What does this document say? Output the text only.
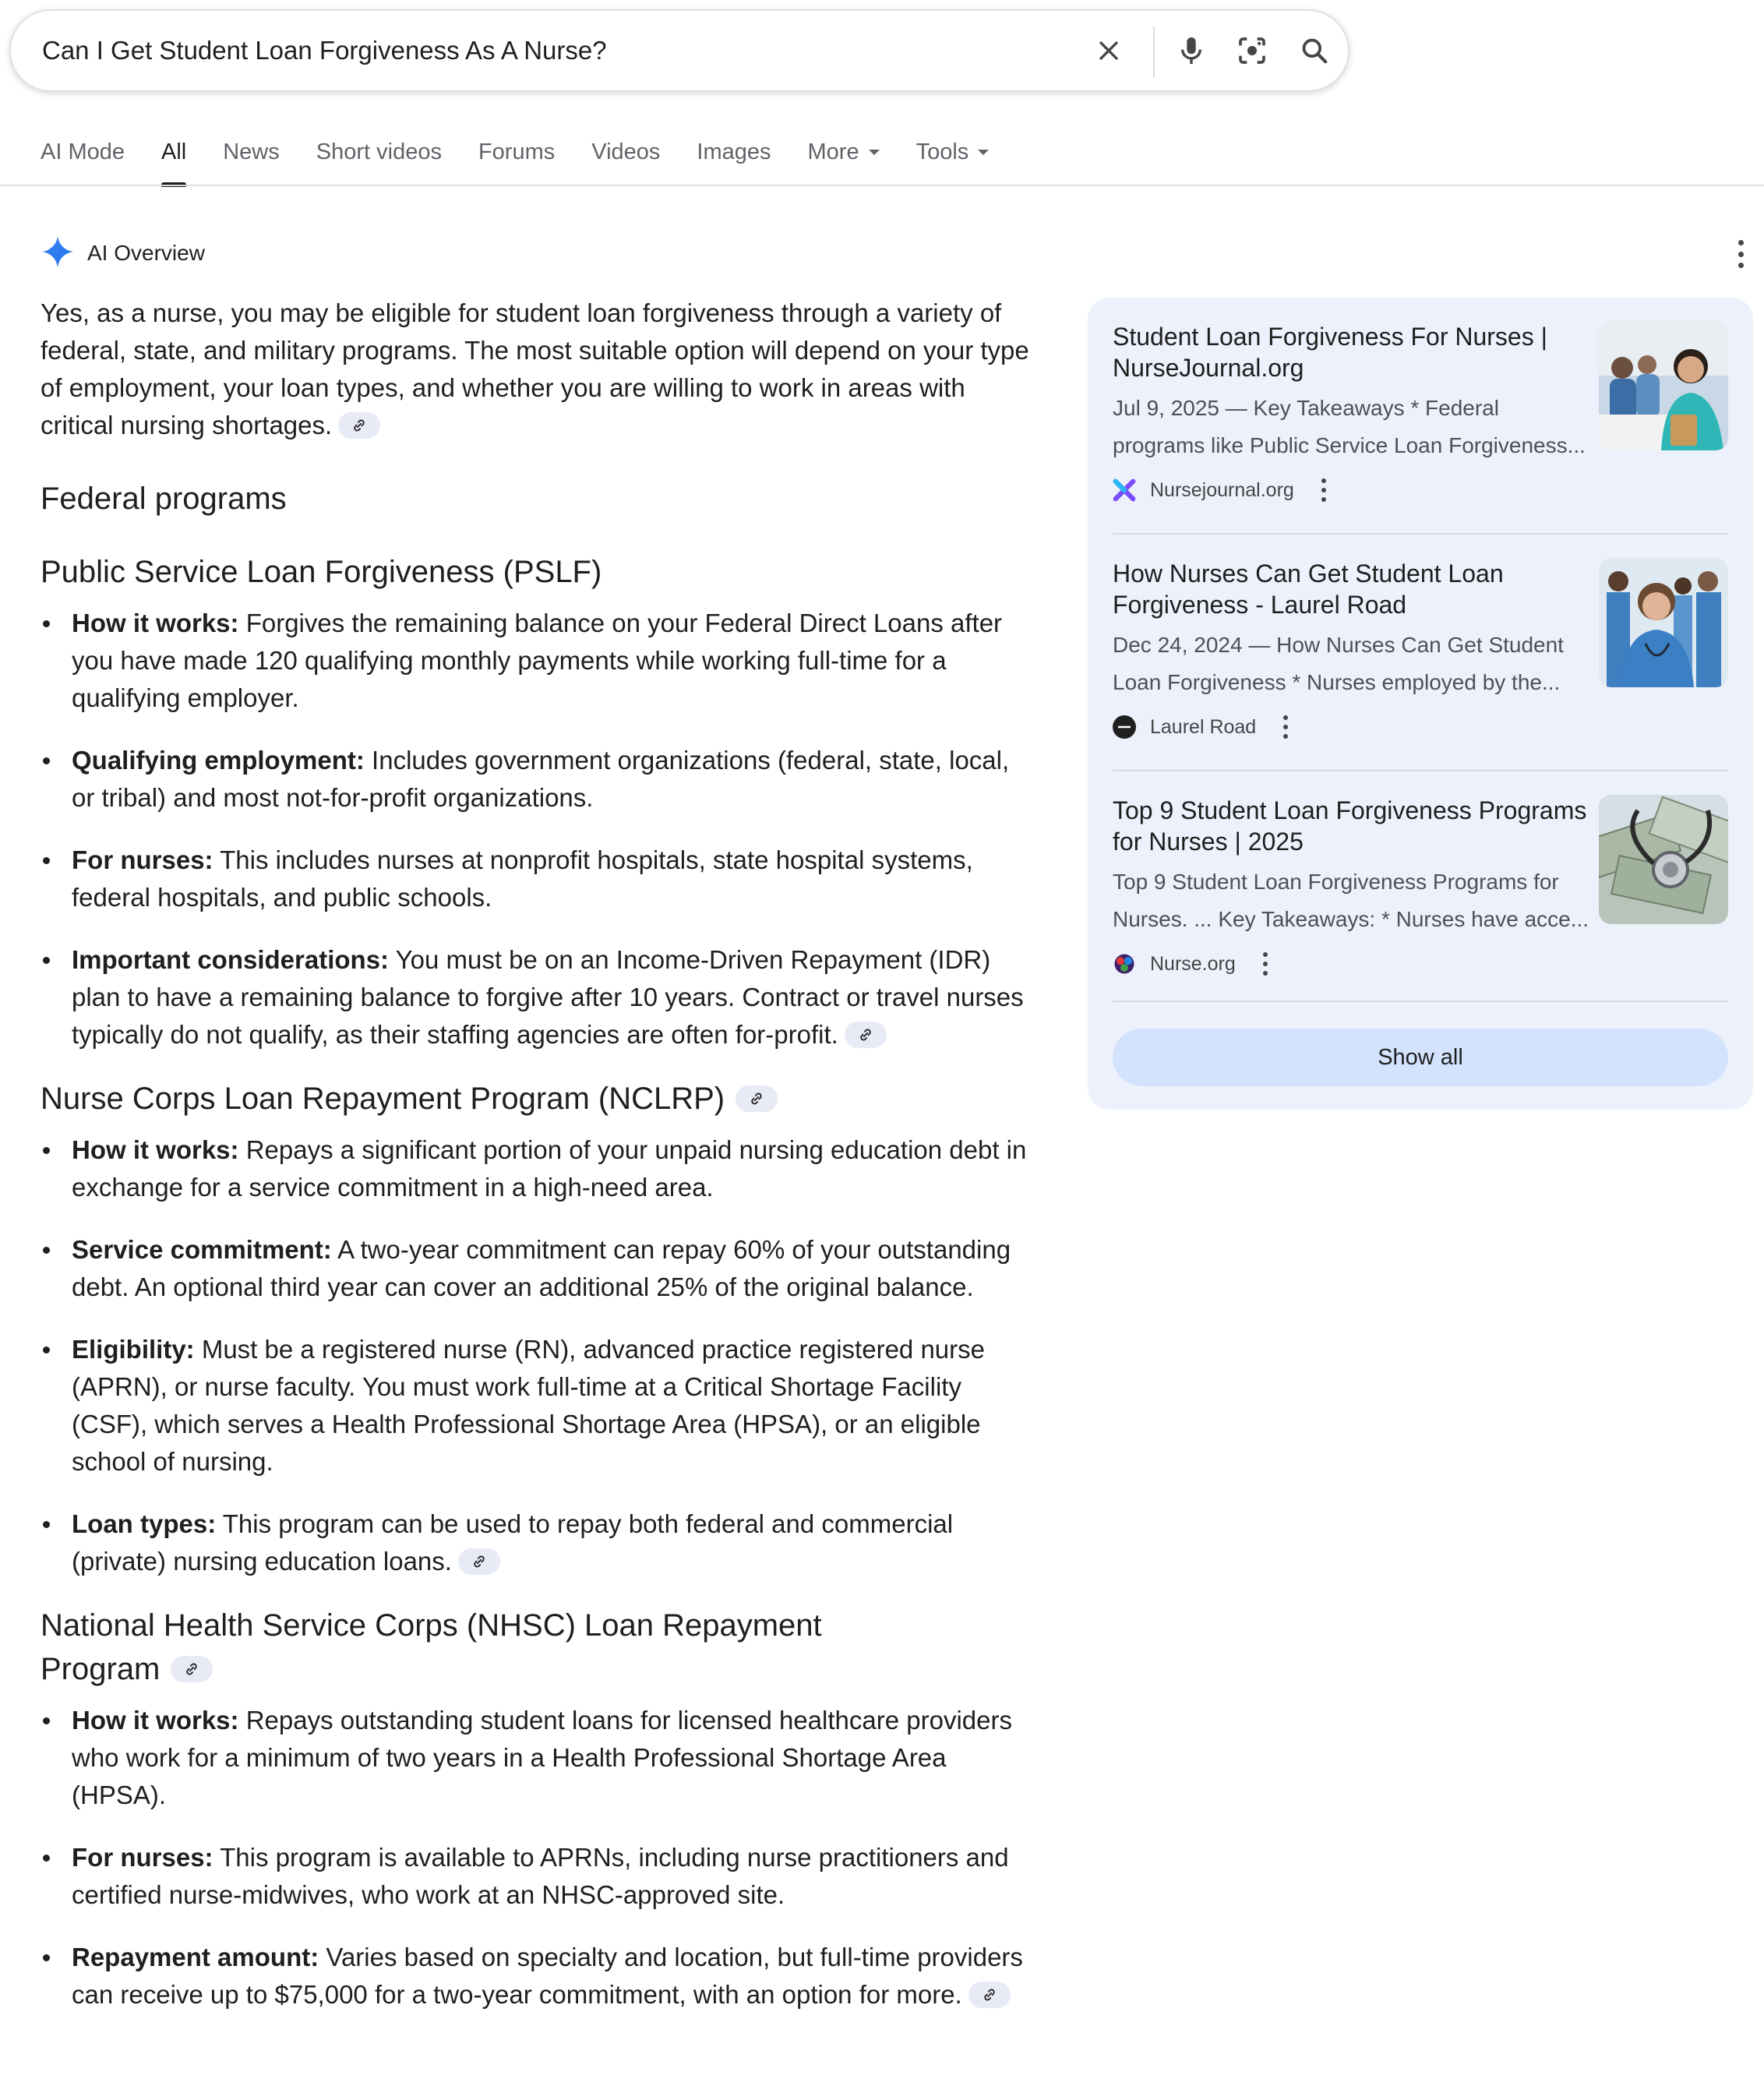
Can I Get Student Loan Forgiveness As A Nurse?
AI Mode All News Short videos Forums Videos Images More	Tools
AI Overview

Yes, as a nurse, you may be eligible for student loan forgiveness through a variety of federal, state, and military programs. The most suitable option will depend on your type of employment, your loan types, and whether you are willing to work in areas with critical nursing shortages.

Federal programs
Public Service Loan Forgiveness (PSLF)
How it works: Forgives the remaining balance on your Federal Direct Loans after you have made 120 qualifying monthly payments while working full-time for a qualifying employer.
Qualifying employment: Includes government organizations (federal, state, local, or tribal) and most not-for-profit organizations.
For nurses: This includes nurses at nonprofit hospitals, state hospital systems, federal hospitals, and public schools.
Important considerations: You must be on an Income-Driven Repayment (IDR) plan to have a remaining balance to forgive after 10 years. Contract or travel nurses typically do not qualify, as their staffing agencies are often for-profit.
Nurse Corps Loan Repayment Program (NCLRP)
How it works: Repays a significant portion of your unpaid nursing education debt in exchange for a service commitment in a high-need area.
Service commitment: A two-year commitment can repay 60% of your outstanding debt. An optional third year can cover an additional 25% of the original balance.
Eligibility: Must be a registered nurse (RN), advanced practice registered nurse (APRN), or nurse faculty. You must work full-time at a Critical Shortage Facility (CSF), which serves a Health Professional Shortage Area (HPSA), or an eligible school of nursing.
Loan types: This program can be used to repay both federal and commercial (private) nursing education loans.
National Health Service Corps (NHSC) Loan Repayment Program
How it works: Repays outstanding student loans for licensed healthcare providers who work for a minimum of two years in a Health Professional Shortage Area (HPSA).
For nurses: This program is available to APRNs, including nurse practitioners and certified nurse-midwives, who work at an NHSC-approved site.
Repayment amount: Varies based on specialty and location, but full-time providers can receive up to $75,000 for a two-year commitment, with an option for more.
Student Loan Forgiveness For Nurses | NurseJournal.org
Jul 9, 2025 — Key Takeaways * Federal programs like Public Service Loan Forgiveness...
Nursejournal.org
How Nurses Can Get Student Loan Forgiveness - Laurel Road
Dec 24, 2024 — How Nurses Can Get Student Loan Forgiveness * Nurses employed by the...
Laurel Road
Top 9 Student Loan Forgiveness Programs for Nurses | 2025
Top 9 Student Loan Forgiveness Programs for Nurses. ... Key Takeaways: * Nurses have acce...
Nurse.org
Show all
